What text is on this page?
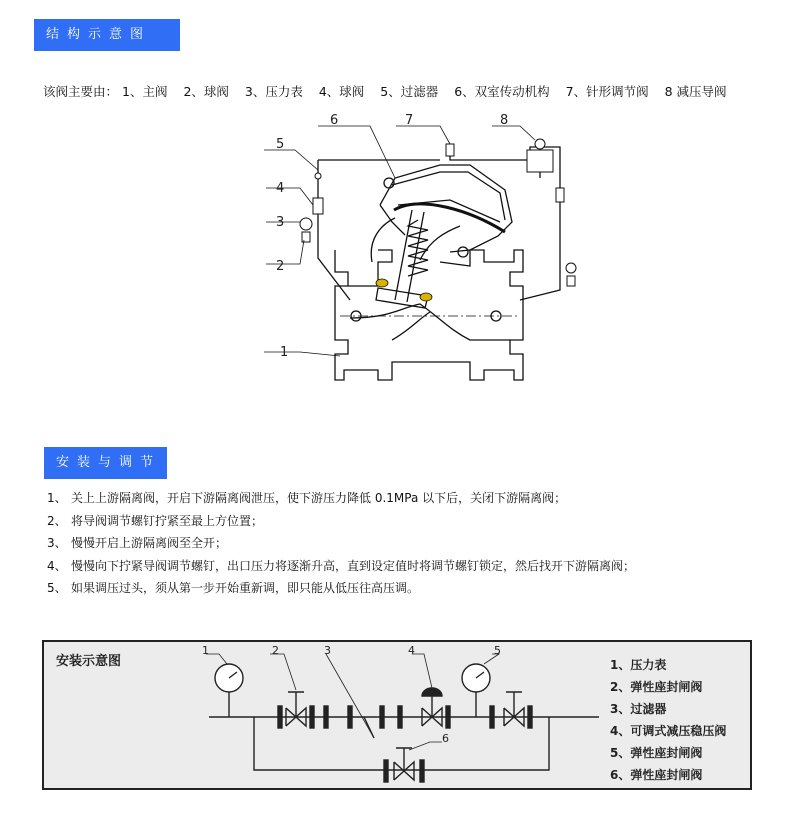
结构示意图
该阀主要由： 1、主阀 2、球阀 3、压力表 4、球阀 5、过滤器 6、双室传动机构 7、针形调节阀 8 减压导阀
1
2
3
4
5
6	7	8
安装与调节
1、 关上上游隔离阀，开启下游隔离阀泄压，使下游压力降低 0.1MPa 以下后，关闭下游隔离阀；
2、 将导阀调节螺钉拧紧至最上方位置；
3、 慢慢开启上游隔离阀至全开；
4、 慢慢向下拧紧导阀调节螺钉，出口压力将逐渐升高，直到设定值时将调节螺钉锁定，然后找开下游隔离阀；
5、 如果调压过头，须从第一步开始重新调，即只能从低压往高压调。
1	2	3	4	5
6
安装示意图	1、压力表
2、弹性座封闸阀
3、过滤器
4、可调式减压稳压阀
5、弹性座封闸阀
6、弹性座封闸阀
